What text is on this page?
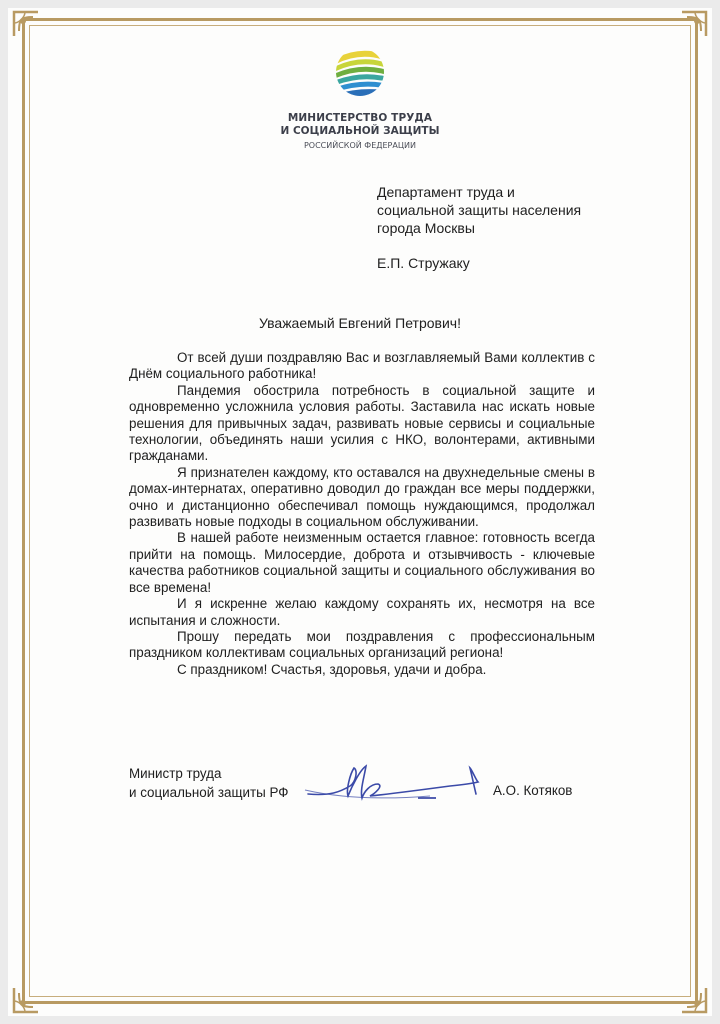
МИНИСТЕРСТВО ТРУДА
И СОЦИАЛЬНОЙ ЗАЩИТЫ
РОССИЙСКОЙ ФЕДЕРАЦИИ
Департамент труда и
социальной защиты населения
города Москвы
Е.П. Стружаку
Уважаемый Евгений Петрович!

От всей души поздравляю Вас и возглавляемый Вами коллектив с Днём социального работника!

Пандемия обострила потребность в социальной защите и одновременно усложнила условия работы. Заставила нас искать новые решения для привычных задач, развивать новые сервисы и социальные технологии, объединять наши усилия с НКО, волонтерами, активными гражданами.

Я признателен каждому, кто оставался на двухнедельные смены в домах-интернатах, оперативно доводил до граждан все меры поддержки, очно и дистанционно обеспечивал помощь нуждающимся, продолжал развивать новые подходы в социальном обслуживании.

В нашей работе неизменным остается главное: готовность всегда прийти на помощь. Милосердие, доброта и отзывчивость - ключевые качества работников социальной защиты и социального обслуживания во все времена!

И я искренне желаю каждому сохранять их, несмотря на все испытания и сложности.

Прошу передать мои поздравления с профессиональным праздником коллективам социальных организаций региона!

С праздником! Счастья, здоровья, удачи и добра.

Министр труда
и социальной защиты РФ	А.О. Котяков
